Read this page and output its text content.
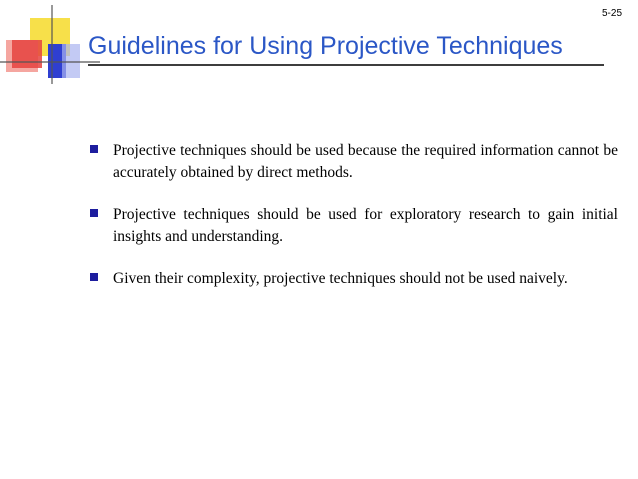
5-25
Guidelines for Using Projective Techniques
Projective techniques should be used because the required information cannot be accurately obtained by direct methods.
Projective techniques should be used for exploratory research to gain initial insights and understanding.
Given their complexity, projective techniques should not be used naively.
